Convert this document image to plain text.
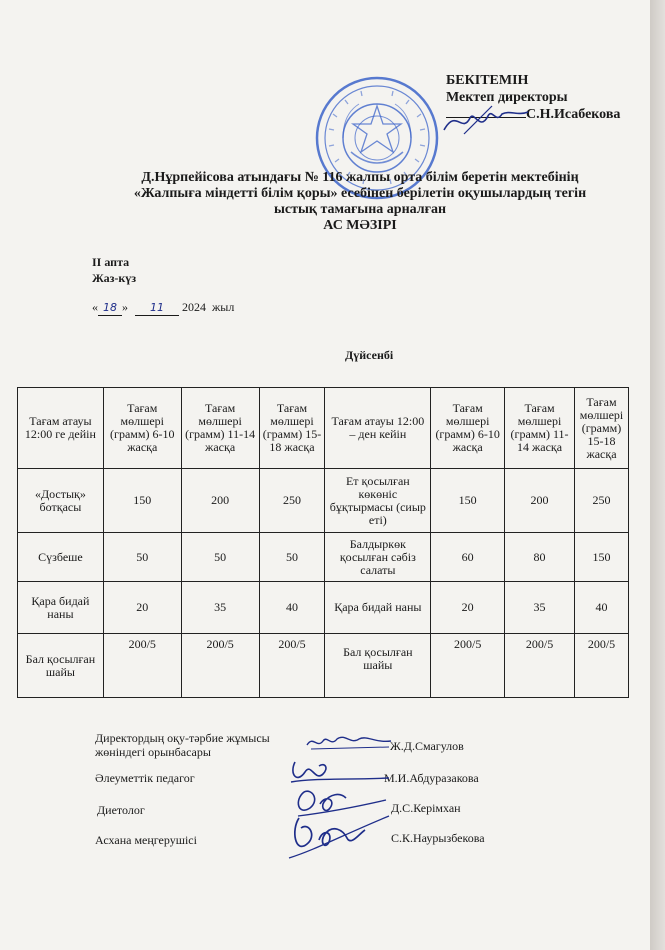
БЕКІТЕМІН
Мектеп директоры
С.Н.Исабекова
Д.Нұрпейісова атындағы № 116 жалпы орта білім беретін мектебінің
«Жалпыға міндетті білім қоры» есебінен берілетін оқушылардың тегін
ыстық тамағына арналған
АС МӘЗІРІ
II апта
Жаз-күз
« 18 » 11 2024 жыл
Дүйсенбі
Тағам атауы 12:00 ге дейін	Тағам мөлшері (грамм) 6-10 жасқа	Тағам мөлшері (грамм) 11-14 жасқа	Тағам мөлшері (грамм) 15-18 жасқа	Тағам атауы 12:00 – ден кейін	Тағам мөлшері (грамм) 6-10 жасқа	Тағам мөлшері (грамм) 11-14 жасқа	Тағам мөлшері (грамм) 15-18 жасқа
«Достық» ботқасы	150	200	250	Ет қосылған көкөніс бұқтырмасы (сиыр еті)	150	200	250
Сүзбеше	50	50	50	Балдыркөк қосылған сәбіз салаты	60	80	150
Қара бидай наны	20	35	40	Қара бидай наны	20	35	40
Бал қосылған шайы	200/5	200/5	200/5	Бал қосылған шайы	200/5	200/5	200/5
Директордың оқу-тәрбие жұмысы
жөніндегі орынбасары	Ж.Д.Смагулов
Әлеуметтік педагог	М.И.Абдуразакова
Диетолог	Д.С.Керімхан
Асхана меңгерушісі	С.К.Наурызбекова
